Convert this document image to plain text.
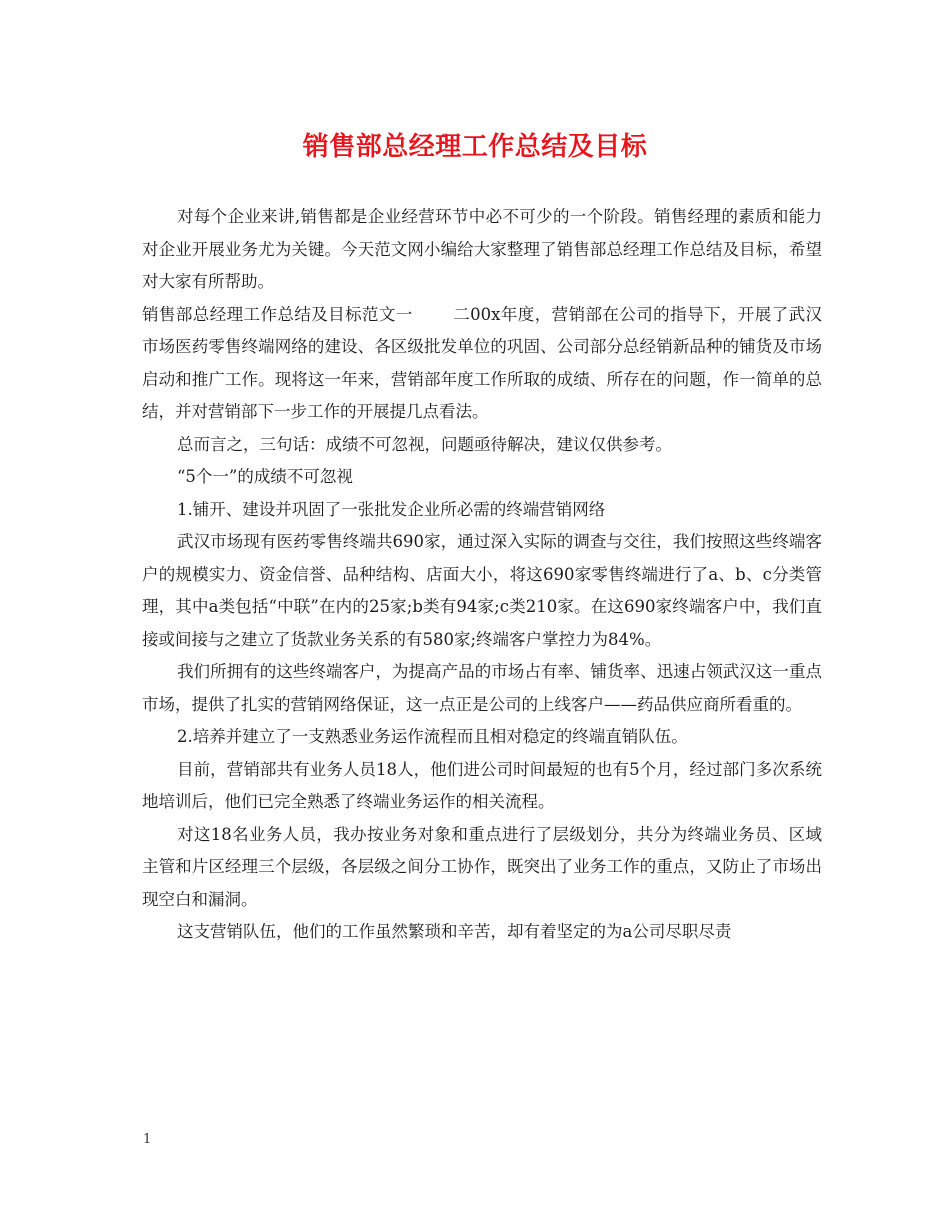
销售部总经理工作总结及目标

对每个企业来讲,销售都是企业经营环节中必不可少的一个阶段。销售经理的素质和能力对企业开展业务尤为关键。今天范文网小编给大家整理了销售部总经理工作总结及目标，希望对大家有所帮助。

销售部总经理工作总结及目标范文一 二00x年度，营销部在公司的指导下，开展了武汉市场医药零售终端网络的建设、各区级批发单位的巩固、公司部分总经销新品种的铺货及市场启动和推广工作。现将这一年来，营销部年度工作所取的成绩、所存在的问题，作一简单的总结，并对营销部下一步工作的开展提几点看法。

总而言之，三句话：成绩不可忽视，问题亟待解决，建议仅供参考。

“5个一”的成绩不可忽视

1.铺开、建设并巩固了一张批发企业所必需的终端营销网络

武汉市场现有医药零售终端共690家，通过深入实际的调查与交往，我们按照这些终端客户的规模实力、资金信誉、品种结构、店面大小，将这690家零售终端进行了a、b、c分类管理，其中a类包括“中联”在内的25家;b类有94家;c类210家。在这690家终端客户中，我们直接或间接与之建立了货款业务关系的有580家;终端客户掌控力为84%。

我们所拥有的这些终端客户，为提高产品的市场占有率、铺货率、迅速占领武汉这一重点市场，提供了扎实的营销网络保证，这一点正是公司的上线客户——药品供应商所看重的。

2.培养并建立了一支熟悉业务运作流程而且相对稳定的终端直销队伍。

目前，营销部共有业务人员18人，他们进公司时间最短的也有5个月，经过部门多次系统地培训后，他们已完全熟悉了终端业务运作的相关流程。

对这18名业务人员，我办按业务对象和重点进行了层级划分，共分为终端业务员、区域主管和片区经理三个层级，各层级之间分工协作，既突出了业务工作的重点，又防止了市场出现空白和漏洞。

这支营销队伍，他们的工作虽然繁琐和辛苦，却有着坚定的为a公司尽职尽责

1
